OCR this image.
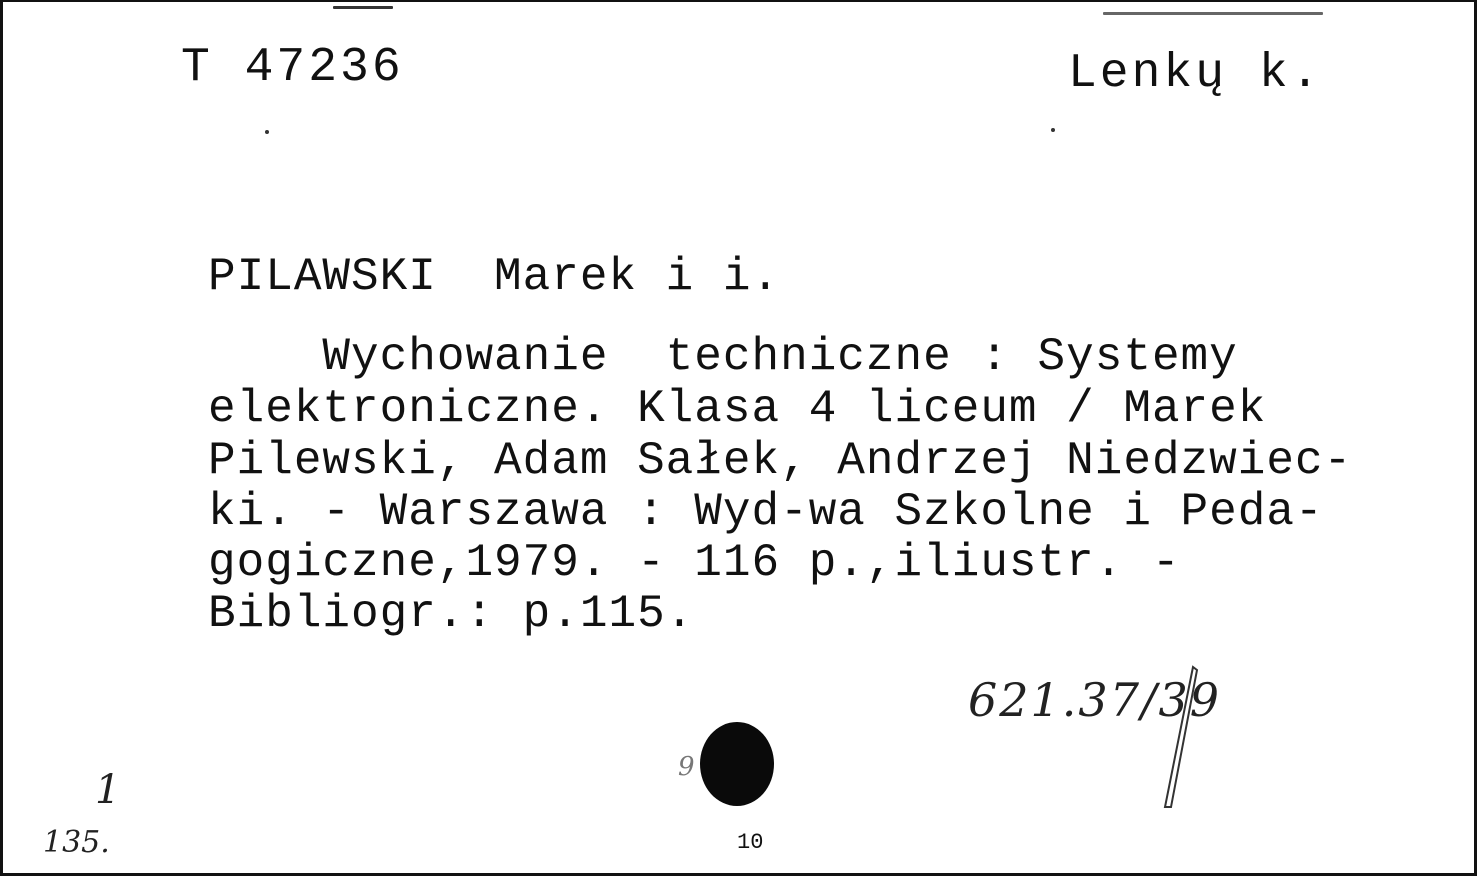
T 47236	Lenkų k.
PILAWSKI  Marek i i.
Wychowanie  techniczne : Systemy
elektroniczne. Klasa 4 liceum / Marek
Pilewski, Adam Sałek, Andrzej Niedzwiec-
ki. - Warszawa : Wyd-wa Szkolne i Peda-
gogiczne,1979. - 116 p.,iliustr. -
Bibliogr.: p.115.
621.37/39
1
135.
9
10
